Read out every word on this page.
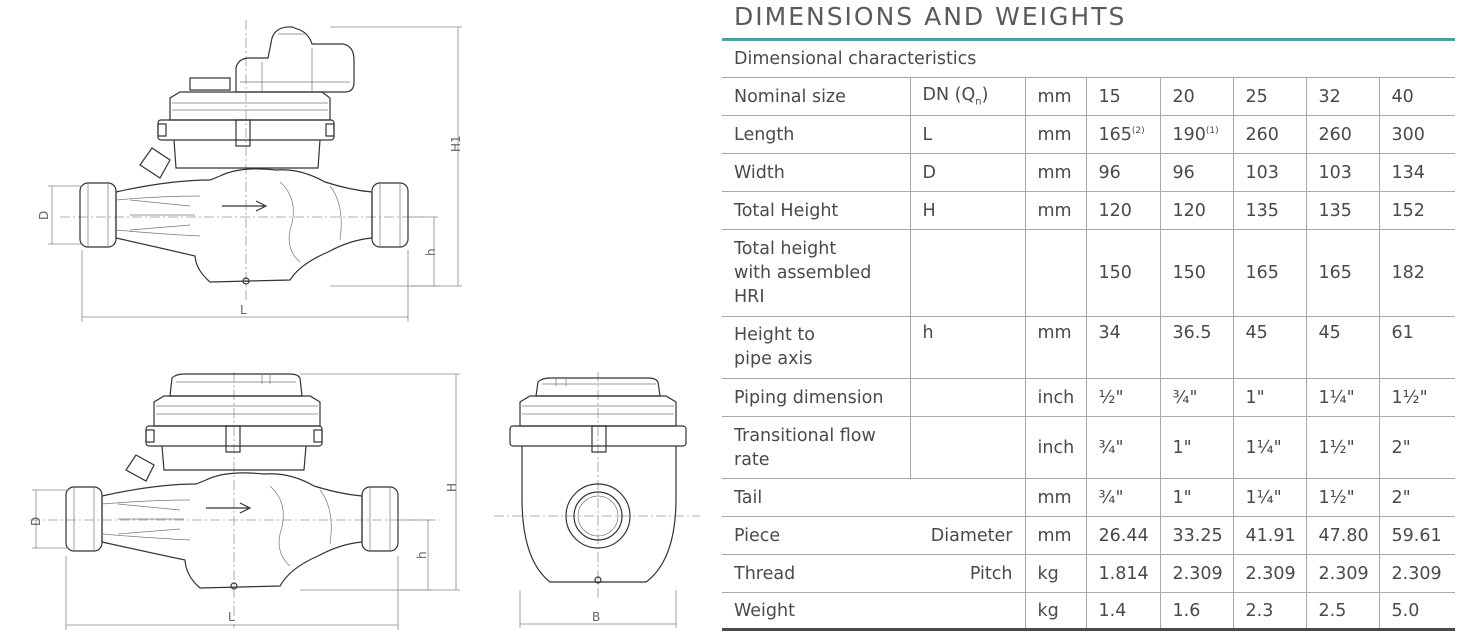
D
H1
h
L
D
H
h
L	B
DIMENSIONS AND WEIGHTS
Dimensional characteristics							
Nominal size	DN $(Q_n)$	mm	15	20	25	32	40
Length	L	mm	165$^{(2)}$	190$^{(1)}$	260	260	300
Width	D	mm	96	96	103	103	134
Total Height	H	mm	120	120	135	135	152
Total height
with assembled
HRI			150	150	165	165	182
Height to
pipe axis	h	mm	34	36.5	45	45	61
Piping dimension		inch	½"	¾"	1"	1¼"	1½"
Transitional flow
rate		inch	¾"	1"	1¼"	1½"	2"
Tail		mm	¾"	1"	1¼"	1½"	2"
Piece	Diameter	mm	26.44	33.25	41.91	47.80	59.61
Thread	Pitch	kg	1.814	2.309	2.309	2.309	2.309
Weight		kg	1.4	1.6	2.3	2.5	5.0
